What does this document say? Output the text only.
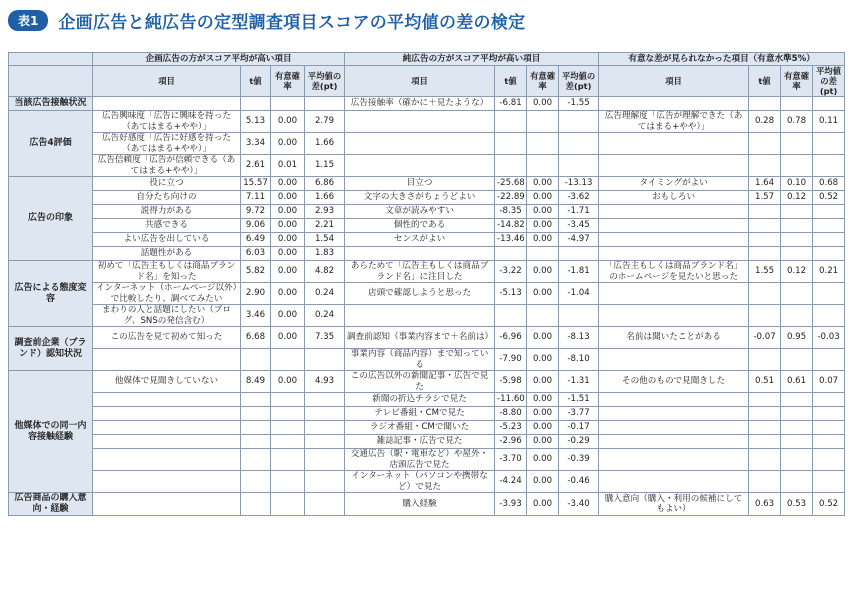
表1	企画広告と純広告の定型調査項目スコアの平均値の差の検定
	企画広告の方がスコア平均が高い項目				純広告の方がスコア平均が高い項目				有意な差が見られなかった項目（有意水準5%）			
	項目	t値	有意確率	平均値の差(pt)	項目	t値	有意確率	平均値の差(pt)	項目	t値	有意確率	平均値の差(pt)
当該広告接触状況					広告接触率（確かに＋見たような）	-6.81	0.00	-1.55				
広告4評価	広告興味度「広告に興味を持った（あてはまる+やや）」	5.13	0.00	2.79					広告理解度「広告が理解できた（あてはまる+やや）」	0.28	0.78	0.11
	広告好感度「広告に好感を持った（あてはまる+やや）」	3.34	0.00	1.66								
	広告信頼度「広告が信頼できる（あてはまる+やや）」	2.61	0.01	1.15								
広告の印象	役に立つ	15.57	0.00	6.86	目立つ	-25.68	0.00	-13.13	タイミングがよい	1.64	0.10	0.68
	自分たち向けの	7.11	0.00	1.66	文字の大きさがちょうどよい	-22.89	0.00	-3.62	おもしろい	1.57	0.12	0.52
	説得力がある	9.72	0.00	2.93	文章が読みやすい	-8.35	0.00	-1.71				
	共感できる	9.06	0.00	2.21	個性的である	-14.82	0.00	-3.45				
	よい広告を出している	6.49	0.00	1.54	センスがよい	-13.46	0.00	-4.97				
	話題性がある	6.03	0.00	1.83								
広告による態度変容	初めて「広告主もしくは商品ブランド名」を知った	5.82	0.00	4.82	あらためて「広告主もしくは商品ブランド名」に注目した	-3.22	0.00	-1.81	「広告主もしくは商品ブランド名」のホームページを見たいと思った	1.55	0.12	0.21
	インターネット（ホームページ以外）で比較したり、調べてみたい	2.90	0.00	0.24	店頭で確認しようと思った	-5.13	0.00	-1.04				
	まわりの人と話題にしたい（ブログ、SNSの発信含む）	3.46	0.00	0.24								
調査前企業（ブランド）認知状況	この広告を見て初めて知った	6.68	0.00	7.35	調査前認知（事業内容まで＋名前は）	-6.96	0.00	-8.13	名前は聞いたことがある	-0.07	0.95	-0.03
					事業内容（商品内容）まで知っている	-7.90	0.00	-8.10				
他媒体での同一内容接触経験	他媒体で見聞きしていない	8.49	0.00	4.93	この広告以外の新聞記事・広告で見た	-5.98	0.00	-1.31	その他のもので見聞きした	0.51	0.61	0.07
					新聞の折込チラシで見た	-11.60	0.00	-1.51				
					テレビ番組・CMで見た	-8.80	0.00	-3.77				
					ラジオ番組・CMで聞いた	-5.23	0.00	-0.17				
					雑誌記事・広告で見た	-2.96	0.00	-0.29				
					交通広告（駅・電車など）や屋外・店頭広告で見た	-3.70	0.00	-0.39				
					インターネット（パソコンや携帯など）で見た	-4.24	0.00	-0.46				
広告商品の購入意向・経験					購入経験	-3.93	0.00	-3.40	購入意向（購入・利用の候補にしてもよい）	0.63	0.53	0.52
